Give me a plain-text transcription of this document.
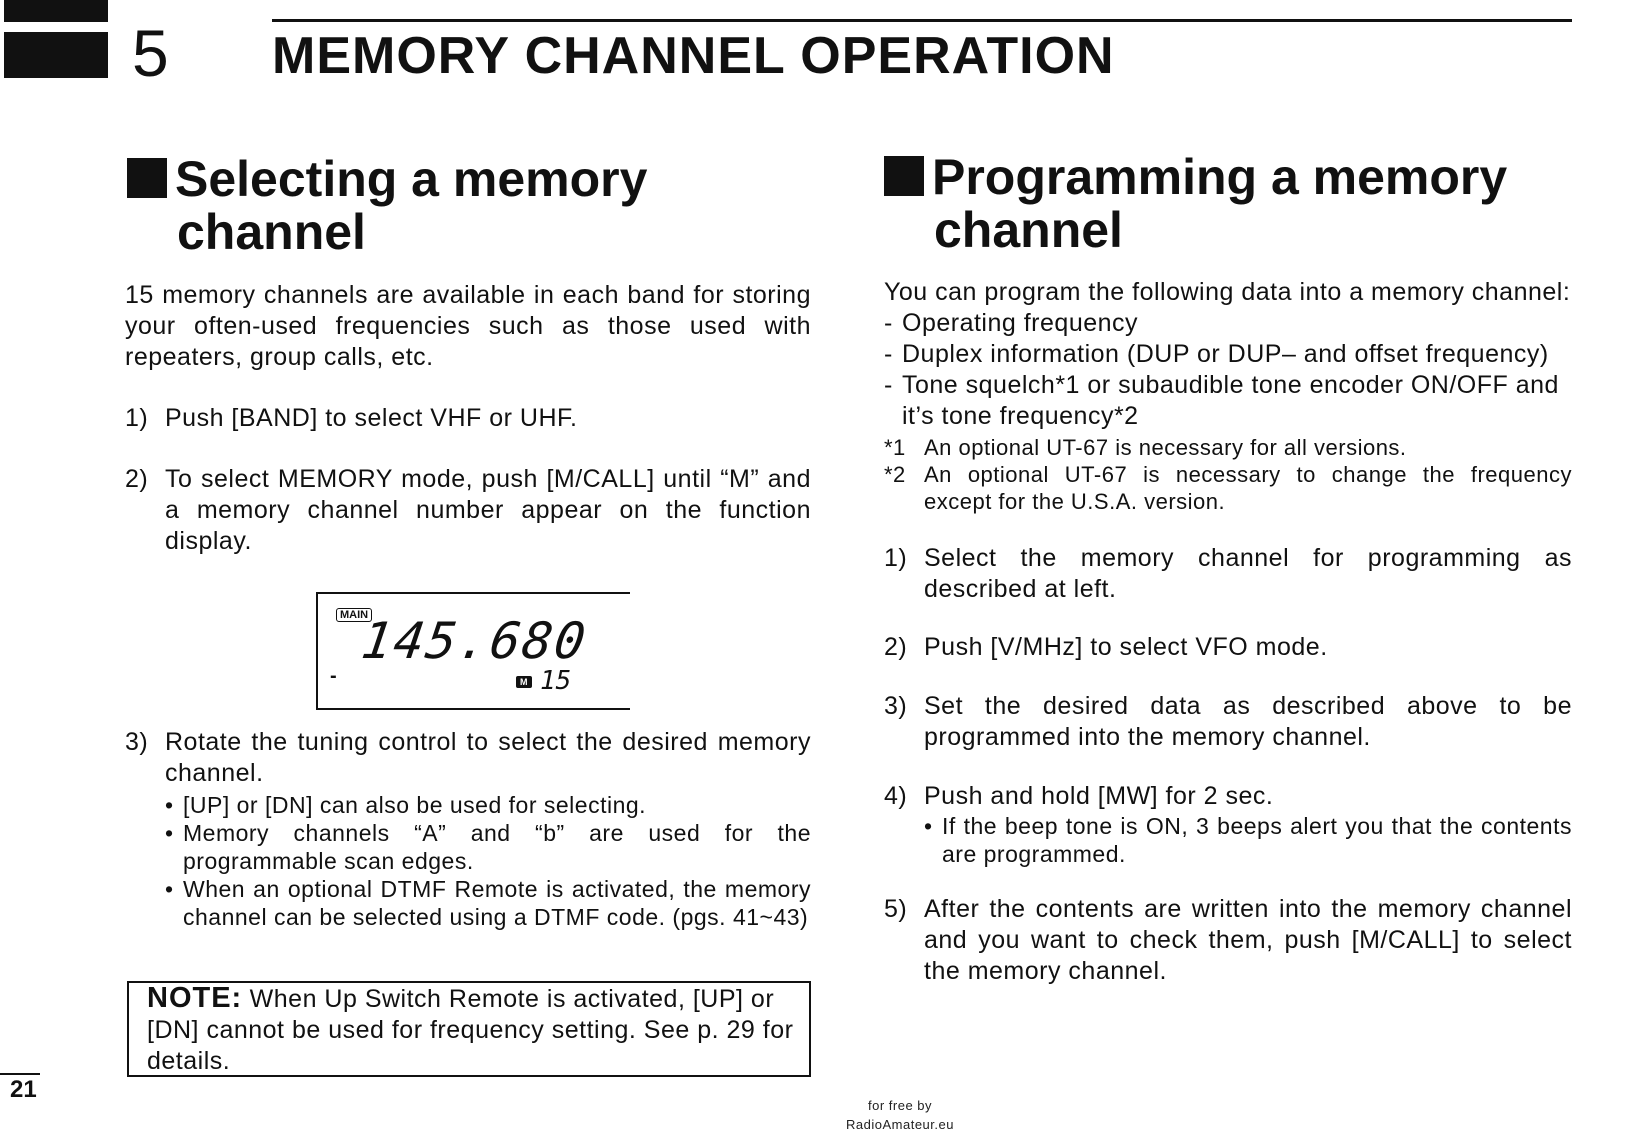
5 MEMORY CHANNEL OPERATION
Selecting a memory
channel

15 memory channels are available in each band for storing your often-used frequencies such as those used with repeaters, group calls, etc.

1) Push [BAND] to select VHF or UHF.
2) To select MEMORY mode, push [M/CALL] until “M” and a memory channel number appear on the function display.
MAIN
145.680
-	M 15
3) Rotate the tuning control to select the desired memory channel.
• [UP] or [DN] can also be used for selecting.
• Memory channels “A” and “b” are used for the programmable scan edges.
• When an optional DTMF Remote is activated, the memory channel can be selected using a DTMF code. (pgs. 41~43)
NOTE: When Up Switch Remote is activated, [UP] or [DN] cannot be used for frequency setting. See p. 29 for details.
Programming a memory
channel

You can program the following data into a memory channel:

- Operating frequency
- Duplex information (DUP or DUP– and offset frequency)
- Tone squelch*1 or subaudible tone encoder ON/OFF and it’s tone frequency*2
*1 An optional UT-67 is necessary for all versions.
*2 An optional UT-67 is necessary to change the frequency except for the U.S.A. version.
1) Select the memory channel for programming as described at left.
2) Push [V/MHz] to select VFO mode.
3) Set the desired data as described above to be programmed into the memory channel.
4) Push and hold [MW] for 2 sec.
• If the beep tone is ON, 3 beeps alert you that the contents are programmed.
5) After the contents are written into the memory channel and you want to check them, push [M/CALL] to select the memory channel.
21
for free by
RadioAmateur.eu
